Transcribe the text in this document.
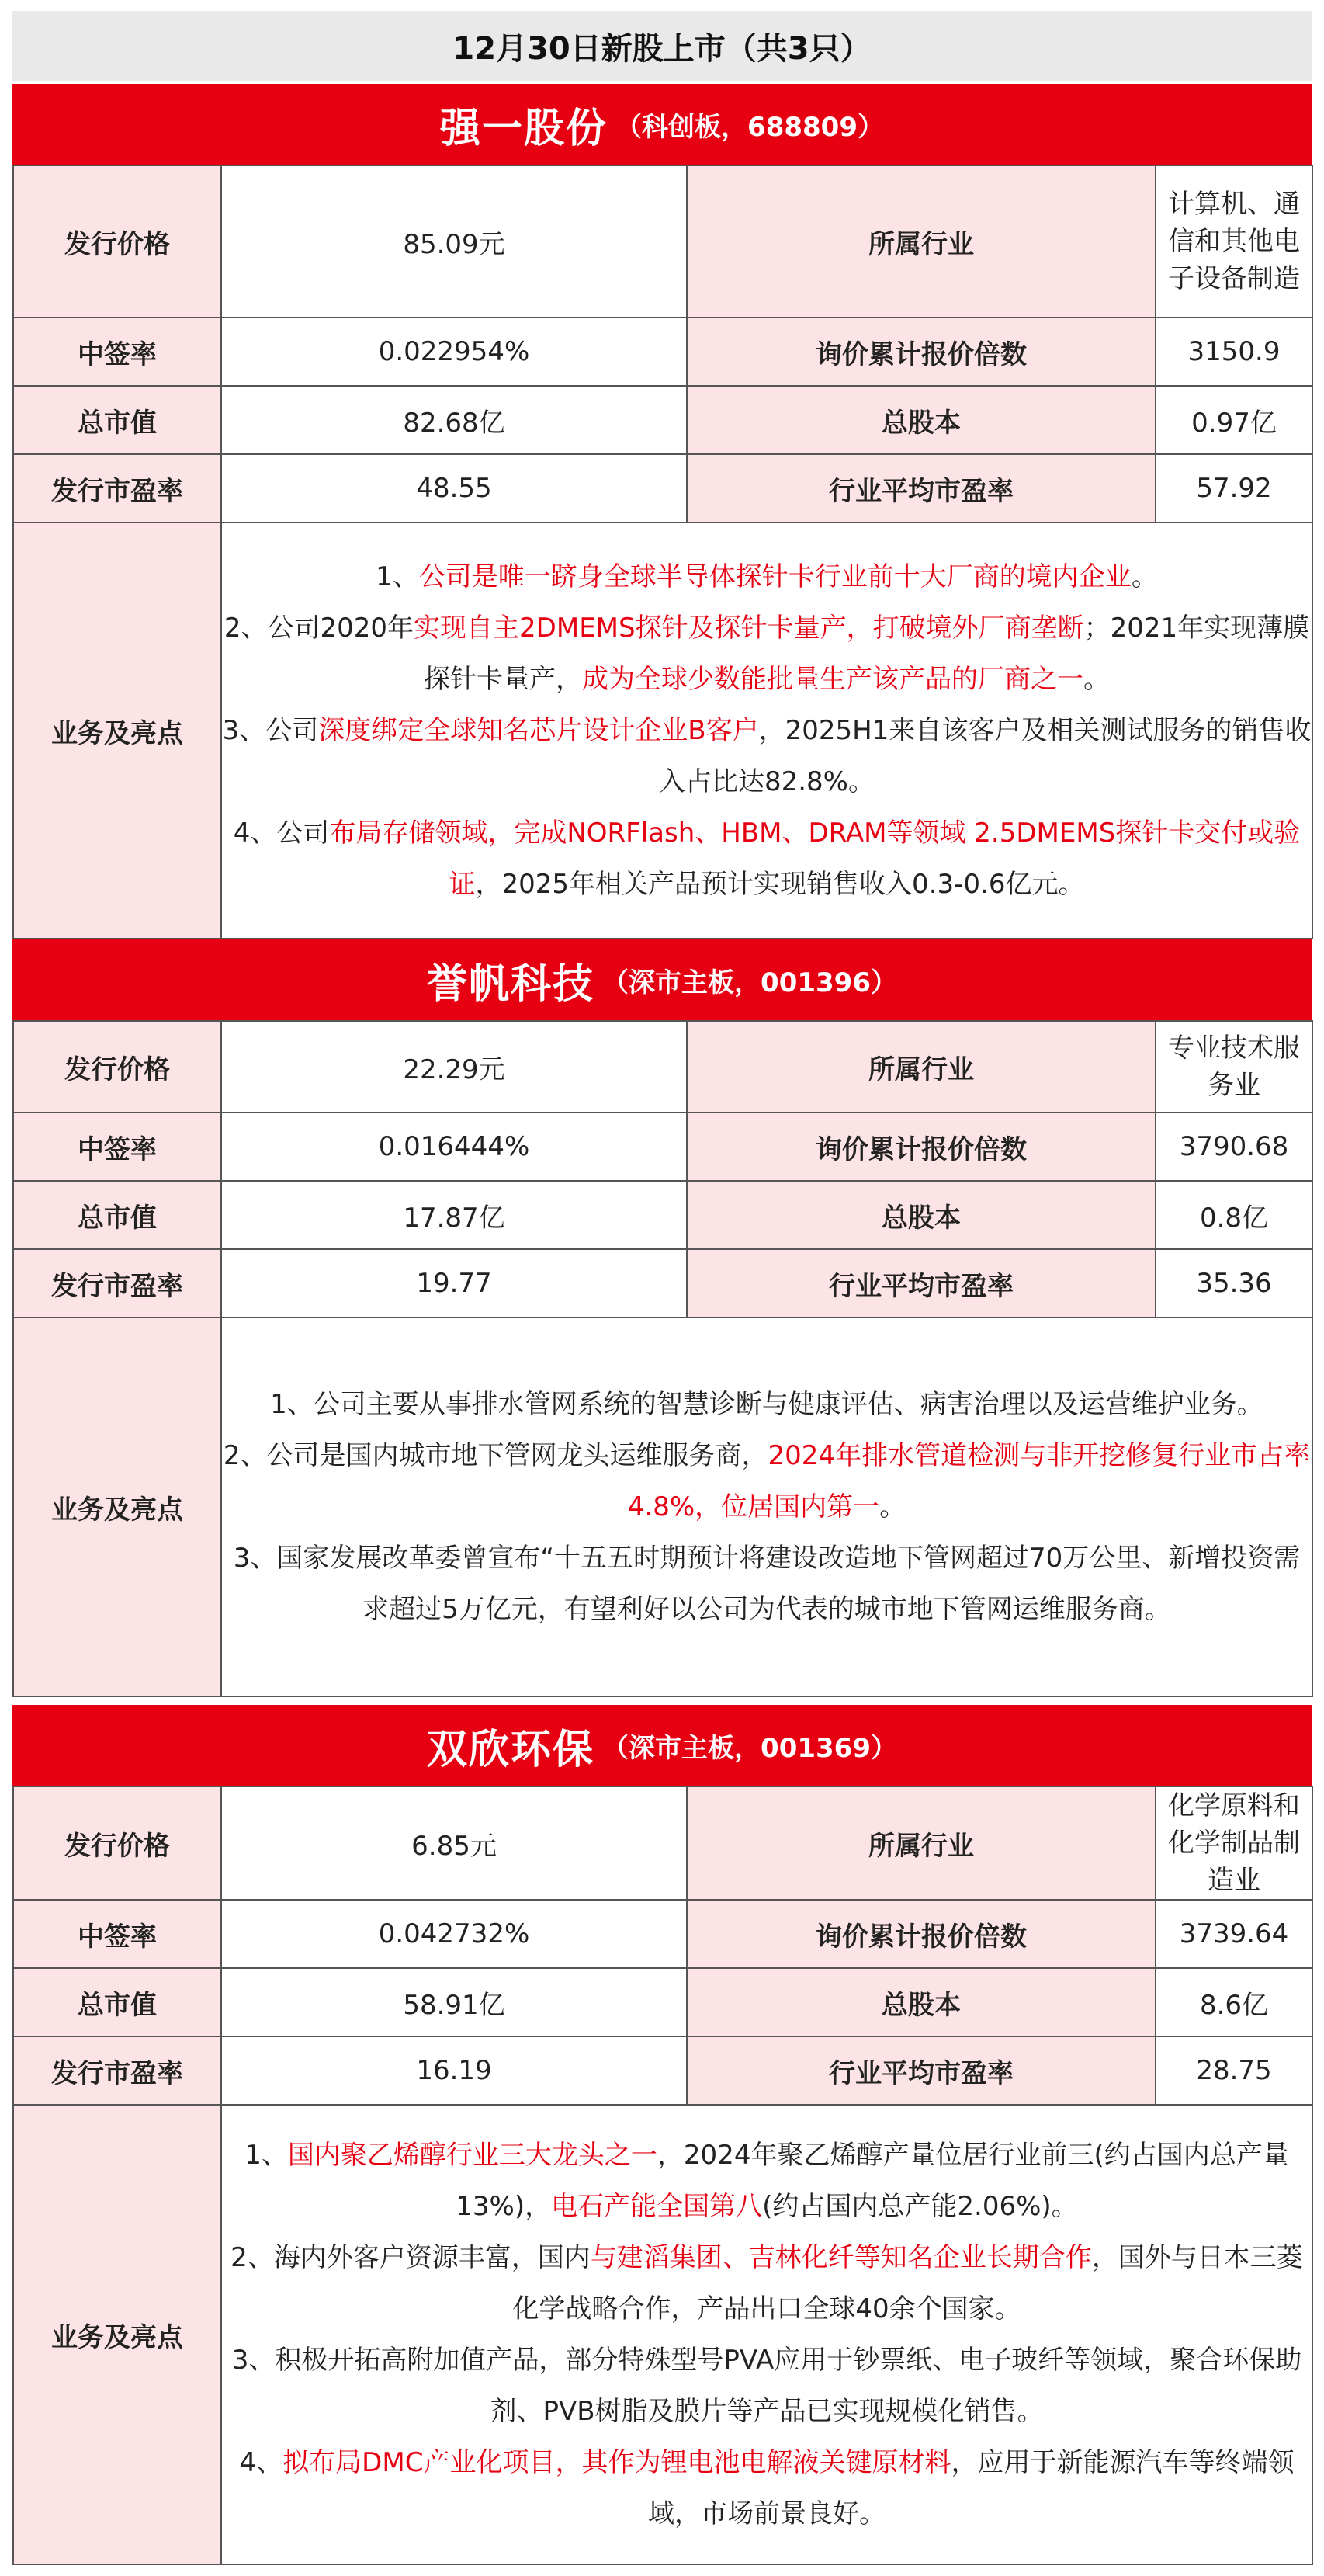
12月30日新股上市（共3只）
强一股份 （科创板，688809）
发行价格	85.09元	所属行业	计算机、通信和其他电子设备制造
中签率	0.022954%	询价累计报价倍数	3150.9
总市值	82.68亿	总股本	0.97亿
发行市盈率	48.55	行业平均市盈率	57.92
业务及亮点	1、公司是唯一跻身全球半导体探针卡行业前十大厂商的境内企业。
2、公司2020年实现自主2DMEMS探针及探针卡量产，打破境外厂商垄断；2021年实现薄膜探针卡量产，成为全球少数能批量生产该产品的厂商之一。
3、公司深度绑定全球知名芯片设计企业B客户，2025H1来自该客户及相关测试服务的销售收入占比达82.8%。
4、公司布局存储领域，完成NORFlash、HBM、DRAM等领域 2.5DMEMS探针卡交付或验证，2025年相关产品预计实现销售收入0.3-0.6亿元。		
誉帆科技 （深市主板，001396）
发行价格	22.29元	所属行业	专业技术服务业
中签率	0.016444%	询价累计报价倍数	3790.68
总市值	17.87亿	总股本	0.8亿
发行市盈率	19.77	行业平均市盈率	35.36
业务及亮点	1、公司主要从事排水管网系统的智慧诊断与健康评估、病害治理以及运营维护业务。
2、公司是国内城市地下管网龙头运维服务商，2024年排水管道检测与非开挖修复行业市占率4.8%，位居国内第一。
3、国家发展改革委曾宣布“十五五时期预计将建设改造地下管网超过70万公里、新增投资需求超过5万亿元，有望利好以公司为代表的城市地下管网运维服务商。		
双欣环保 （深市主板，001369）
发行价格	6.85元	所属行业	化学原料和化学制品制造业
中签率	0.042732%	询价累计报价倍数	3739.64
总市值	58.91亿	总股本	8.6亿
发行市盈率	16.19	行业平均市盈率	28.75
业务及亮点	1、国内聚乙烯醇行业三大龙头之一，2024年聚乙烯醇产量位居行业前三(约占国内总产量 13%)，电石产能全国第八(约占国内总产能2.06%)。
2、海内外客户资源丰富，国内与建滔集团、吉林化纤等知名企业长期合作，国外与日本三菱化学战略合作，产品出口全球40余个国家。
3、积极开拓高附加值产品，部分特殊型号PVA应用于钞票纸、电子玻纤等领域，聚合环保助剂、PVB树脂及膜片等产品已实现规模化销售。
4、拟布局DMC产业化项目，其作为锂电池电解液关键原材料，应用于新能源汽车等终端领域，市场前景良好。		
